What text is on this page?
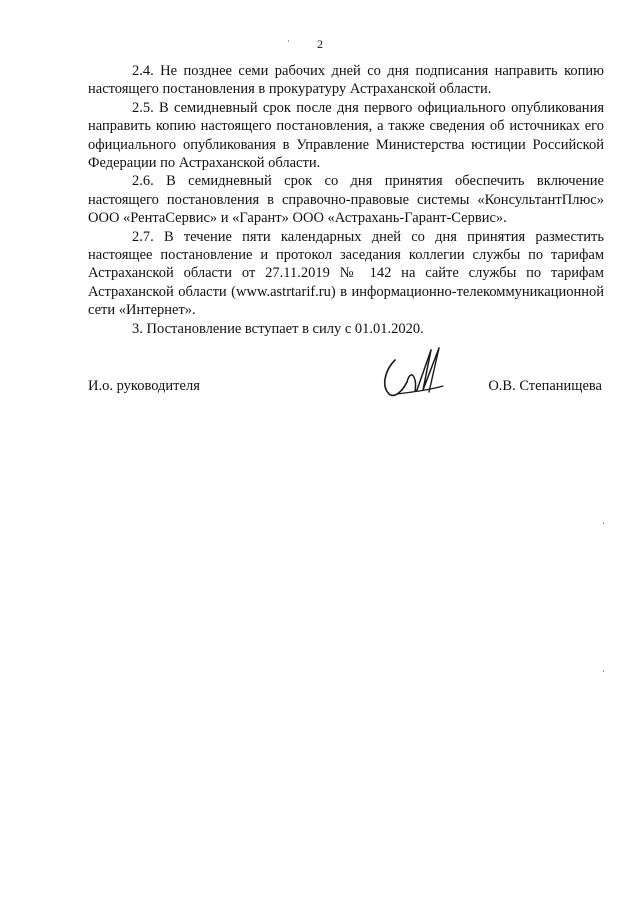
2

2.4. Не позднее семи рабочих дней со дня подписания направить копию настоящего постановления в прокуратуру Астраханской области.

2.5. В семидневный срок после дня первого официального опубликования направить копию настоящего постановления, а также сведения об источниках его официального опубликования в Управление Министерства юстиции Российской Федерации по Астраханской области.

2.6. В семидневный срок со дня принятия обеспечить включение настоящего постановления в справочно-правовые системы «КонсультантПлюс» ООО «РентаСервис» и «Гарант» ООО «Астрахань-Гарант-Сервис».

2.7. В течение пяти календарных дней со дня принятия разместить настоящее постановление и протокол заседания коллегии службы по тарифам Астраханской области от 27.11.2019 № 142 на сайте службы по тарифам Астраханской области (www.astrtarif.ru) в информационно-телекоммуникационной сети «Интернет».

3. Постановление вступает в силу с 01.01.2020.

И.о. руководителя	О.В. Степанищева
